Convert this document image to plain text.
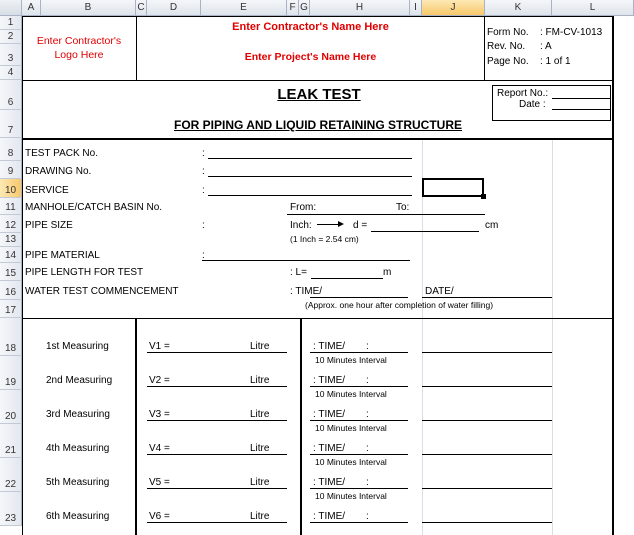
A	B	C	D	E	F G	H	I	J	K	L
1
2
3
4
6
7
8
9
10
11
12
13
14
15
16
17
18
19
20
21
22
23
Enter Contractor's Logo Here
Enter Contractor's Name Here
Enter Project's Name Here
Form No. : FM-CV-1013
Rev. No. : A
Page No. : 1 of 1
LEAK TEST
FOR PIPING AND LIQUID RETAINING STRUCTURE
Report No.:
Date :
TEST PACK No.	:
DRAWING No.	:
SERVICE	:
MANHOLE/CATCH BASIN No.	From:	To:
PIPE SIZE	:	Inch:	d =	cm
(1 Inch = 2.54 cm)
PIPE MATERIAL	:
PIPE LENGTH FOR TEST	: L=	m
WATER TEST COMMENCEMENT	: TIME/	DATE/
(Approx. one hour after completion of water filling)
1st Measuring	V1 =	Litre	: TIME/ :
10 Minutes Interval
2nd Measuring	V2 =	Litre	: TIME/ :
10 Minutes Interval
3rd Measuring	V3 =	Litre	: TIME/ :
10 Minutes Interval
4th Measuring	V4 =	Litre	: TIME/ :
10 Minutes Interval
5th Measuring	V5 =	Litre	: TIME/ :
10 Minutes Interval
6th Measuring	V6 =	Litre	: TIME/ :
